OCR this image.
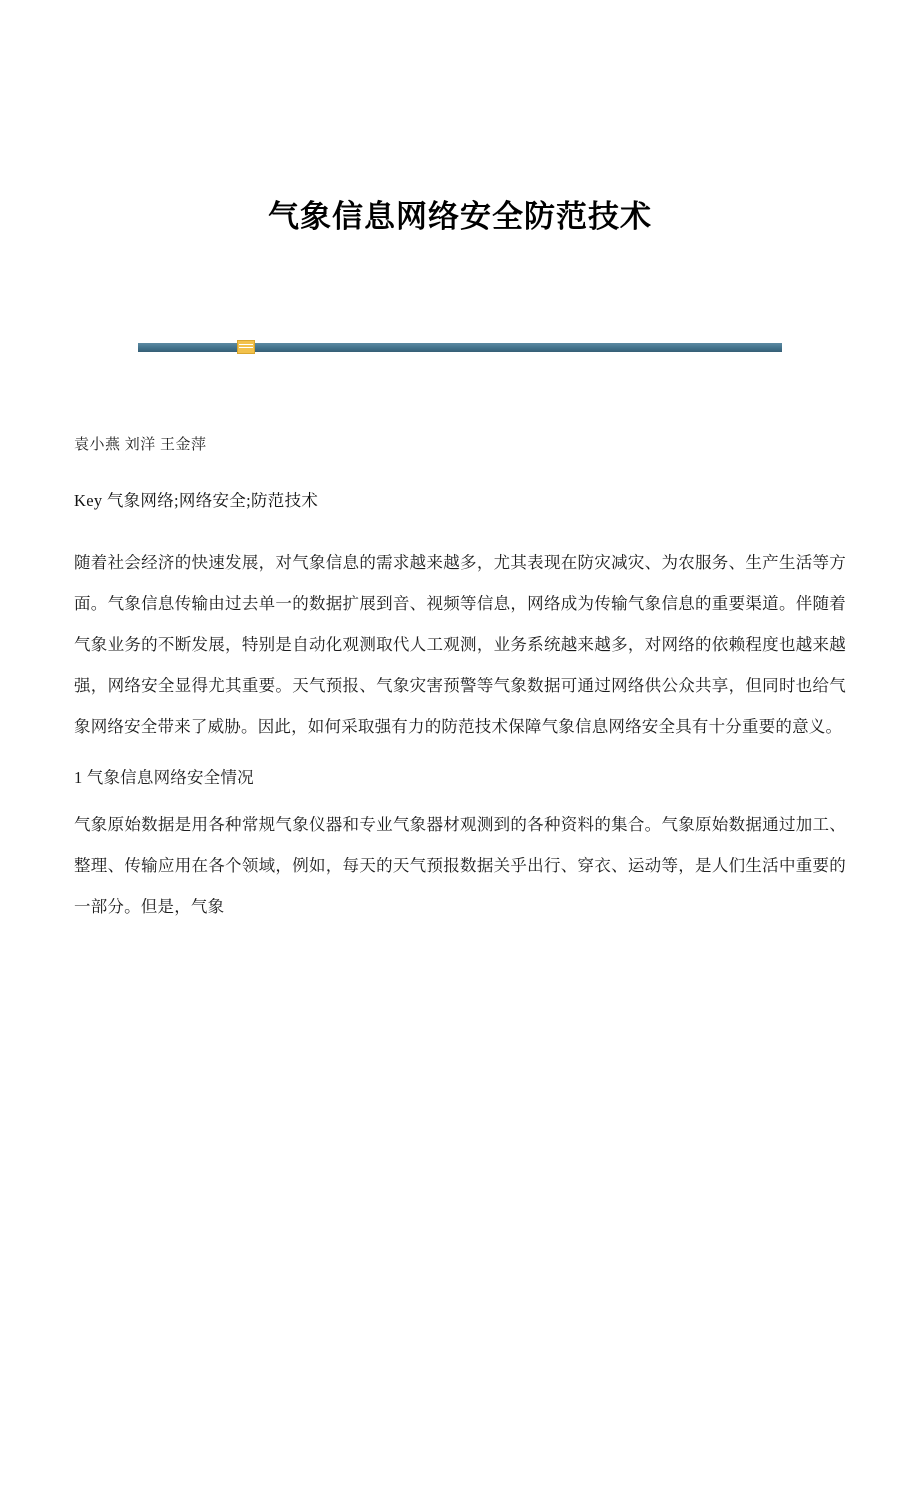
气象信息网络安全防范技术
袁小燕 刘洋 王金萍
Key 气象网络;网络安全;防范技术

随着社会经济的快速发展，对气象信息的需求越来越多，尤其表现在防灾减灾、为农服务、生产生活等方面。气象信息传输由过去单一的数据扩展到音、视频等信息，网络成为传输气象信息的重要渠道。伴随着气象业务的不断发展，特别是自动化观测取代人工观测，业务系统越来越多，对网络的依赖程度也越来越强，网络安全显得尤其重要。天气预报、气象灾害预警等气象数据可通过网络供公众共享，但同时也给气象网络安全带来了威胁。因此，如何采取强有力的防范技术保障气象信息网络安全具有十分重要的意义。

1 气象信息网络安全情况

气象原始数据是用各种常规气象仪器和专业气象器材观测到的各种资料的集合。气象原始数据通过加工、整理、传输应用在各个领域，例如，每天的天气预报数据关乎出行、穿衣、运动等，是人们生活中重要的一部分。但是，气象
